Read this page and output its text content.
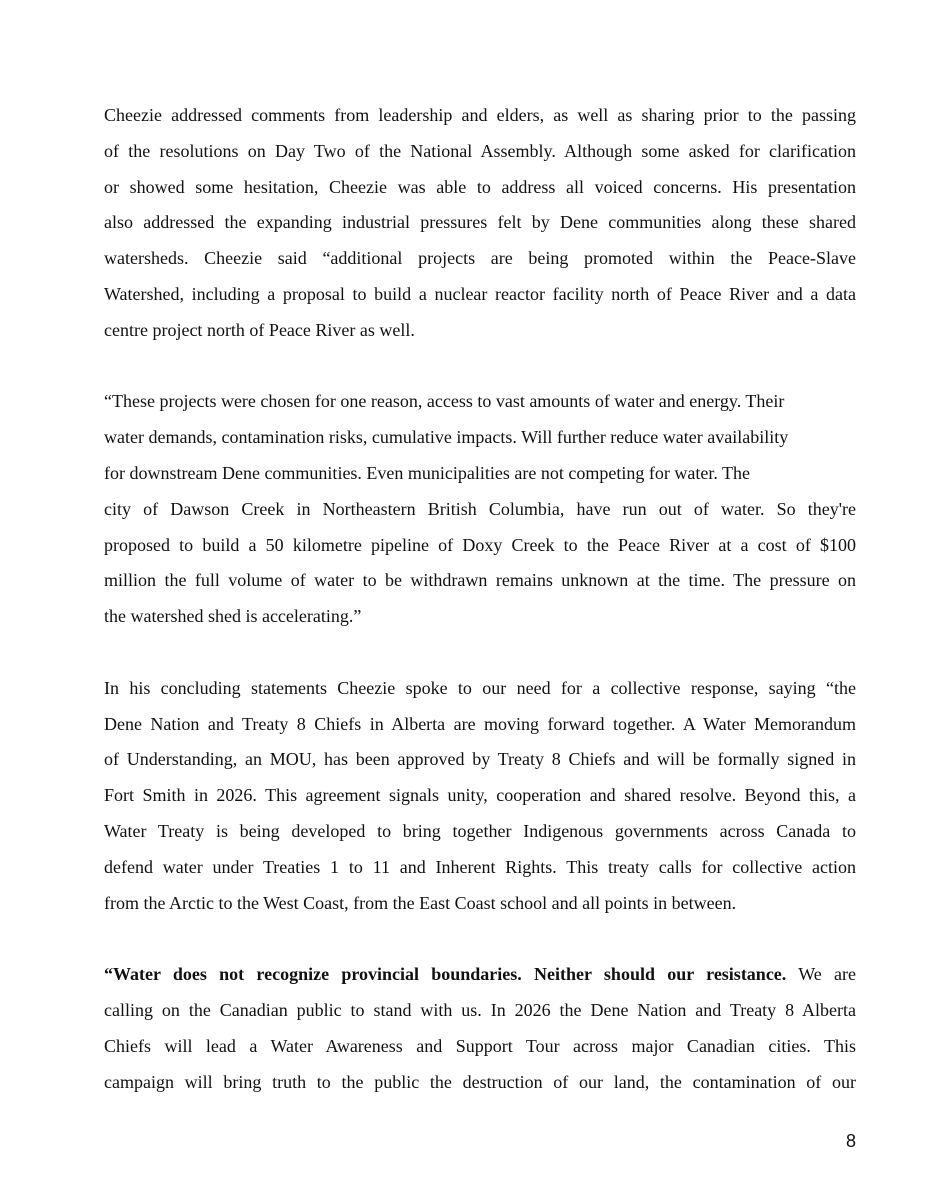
Cheezie addressed comments from leadership and elders, as well as sharing prior to the passing
of the resolutions on Day Two of the National Assembly. Although some asked for clarification
or showed some hesitation, Cheezie was able to address all voiced concerns. His presentation
also addressed the expanding industrial pressures felt by Dene communities along these shared
watersheds. Cheezie said “additional projects are being promoted within the Peace-Slave
Watershed, including a proposal to build a nuclear reactor facility north of Peace River and a data
centre project north of Peace River as well.

“These projects were chosen for one reason, access to vast amounts of water and energy. Their
water demands, contamination risks, cumulative impacts. Will further reduce water availability
for downstream Dene communities. Even municipalities are not competing for water. The
city of Dawson Creek in Northeastern British Columbia, have run out of water. So they're
proposed to build a 50 kilometre pipeline of Doxy Creek to the Peace River at a cost of $100
million the full volume of water to be withdrawn remains unknown at the time. The pressure on
the watershed shed is accelerating.”

In his concluding statements Cheezie spoke to our need for a collective response, saying “the
Dene Nation and Treaty 8 Chiefs in Alberta are moving forward together. A Water Memorandum
of Understanding, an MOU, has been approved by Treaty 8 Chiefs and will be formally signed in
Fort Smith in 2026. This agreement signals unity, cooperation and shared resolve. Beyond this, a
Water Treaty is being developed to bring together Indigenous governments across Canada to
defend water under Treaties 1 to 11 and Inherent Rights. This treaty calls for collective action
from the Arctic to the West Coast, from the East Coast school and all points in between.

“Water does not recognize provincial boundaries. Neither should our resistance. We are
calling on the Canadian public to stand with us. In 2026 the Dene Nation and Treaty 8 Alberta
Chiefs will lead a Water Awareness and Support Tour across major Canadian cities. This
campaign will bring truth to the public the destruction of our land, the contamination of our

8
